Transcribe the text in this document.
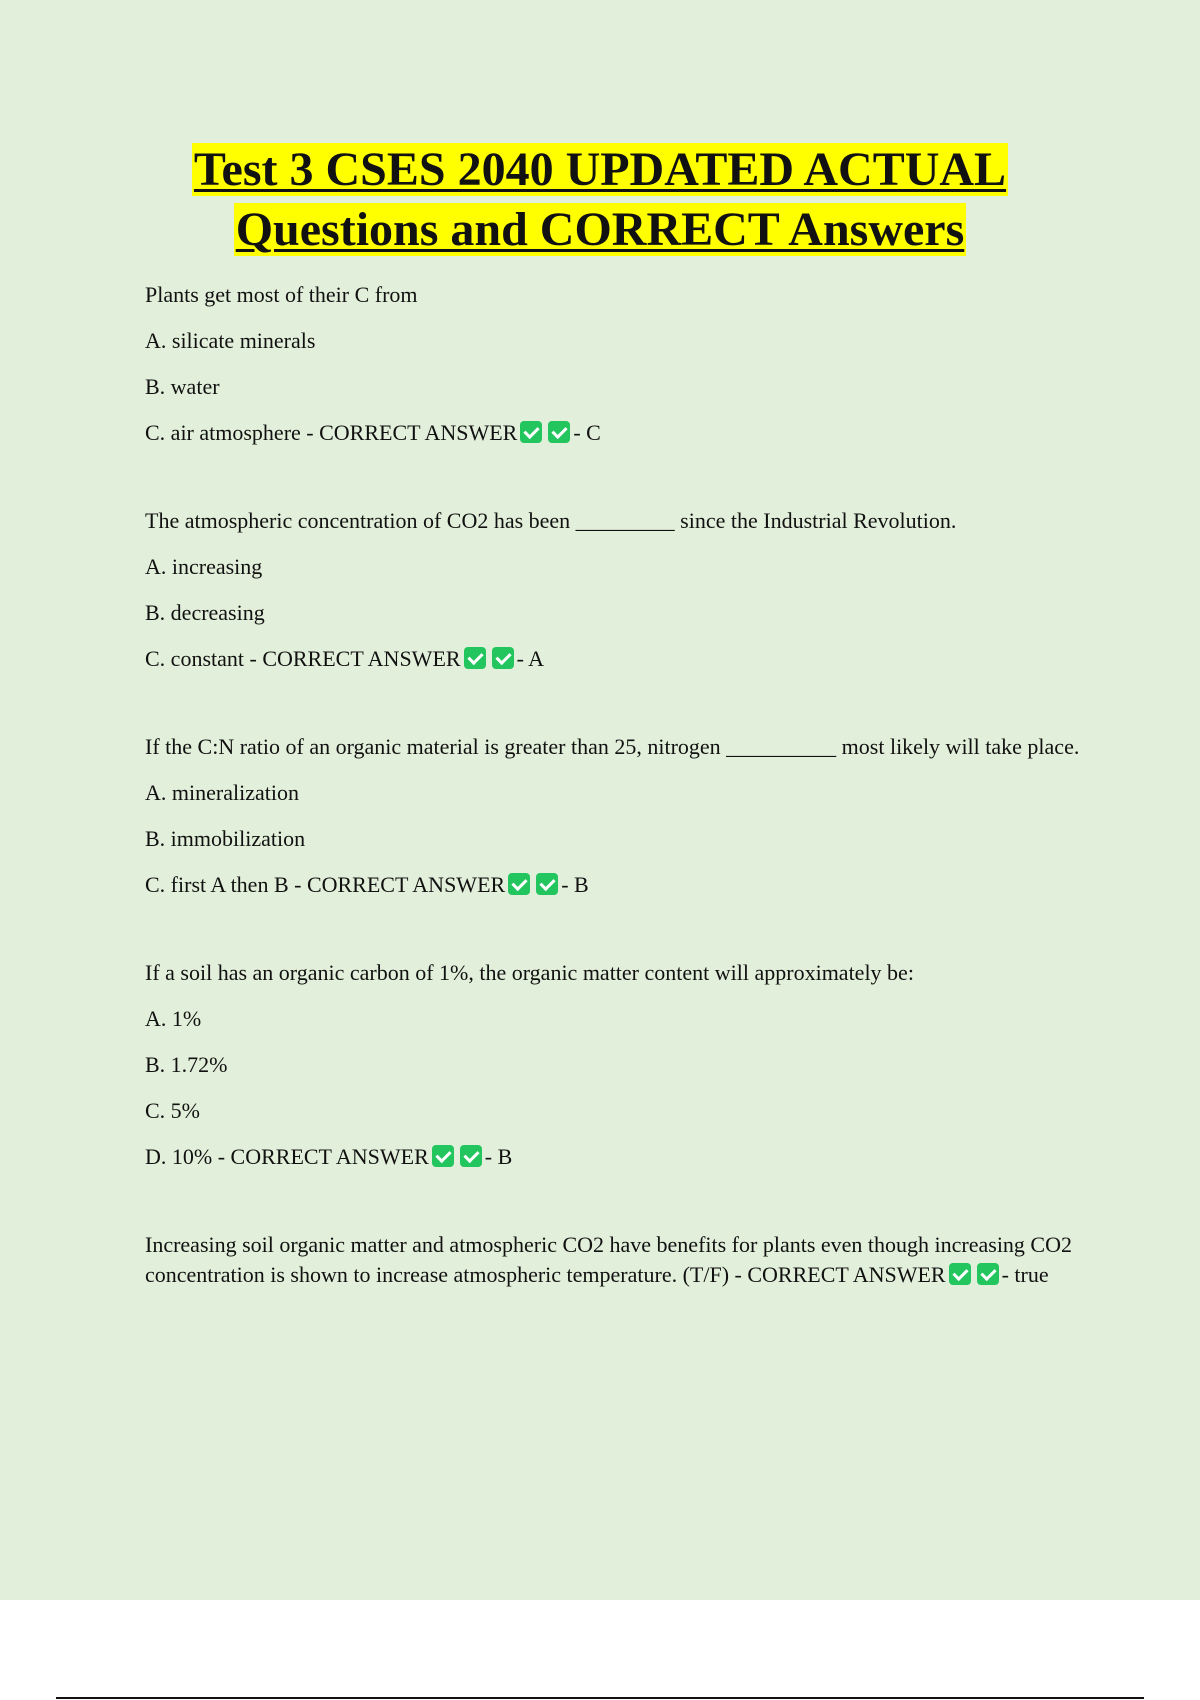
Test 3 CSES 2040 UPDATED ACTUAL
Questions and CORRECT Answers

Plants get most of their C from

A. silicate minerals

B. water

C. air atmosphere - CORRECT ANSWER	- C

The atmospheric concentration of CO2 has been _________ since the Industrial Revolution.

A. increasing

B. decreasing

C. constant - CORRECT ANSWER	- A

If the C:N ratio of an organic material is greater than 25, nitrogen __________ most likely will take place.

A. mineralization

B. immobilization

C. first A then B - CORRECT ANSWER	- B

If a soil has an organic carbon of 1%, the organic matter content will approximately be:

A. 1%

B. 1.72%

C. 5%

D. 10% - CORRECT ANSWER	- B

Increasing soil organic matter and atmospheric CO2 have benefits for plants even though increasing CO2 concentration is shown to increase atmospheric temperature. (T/F) - CORRECT ANSWER	- true
